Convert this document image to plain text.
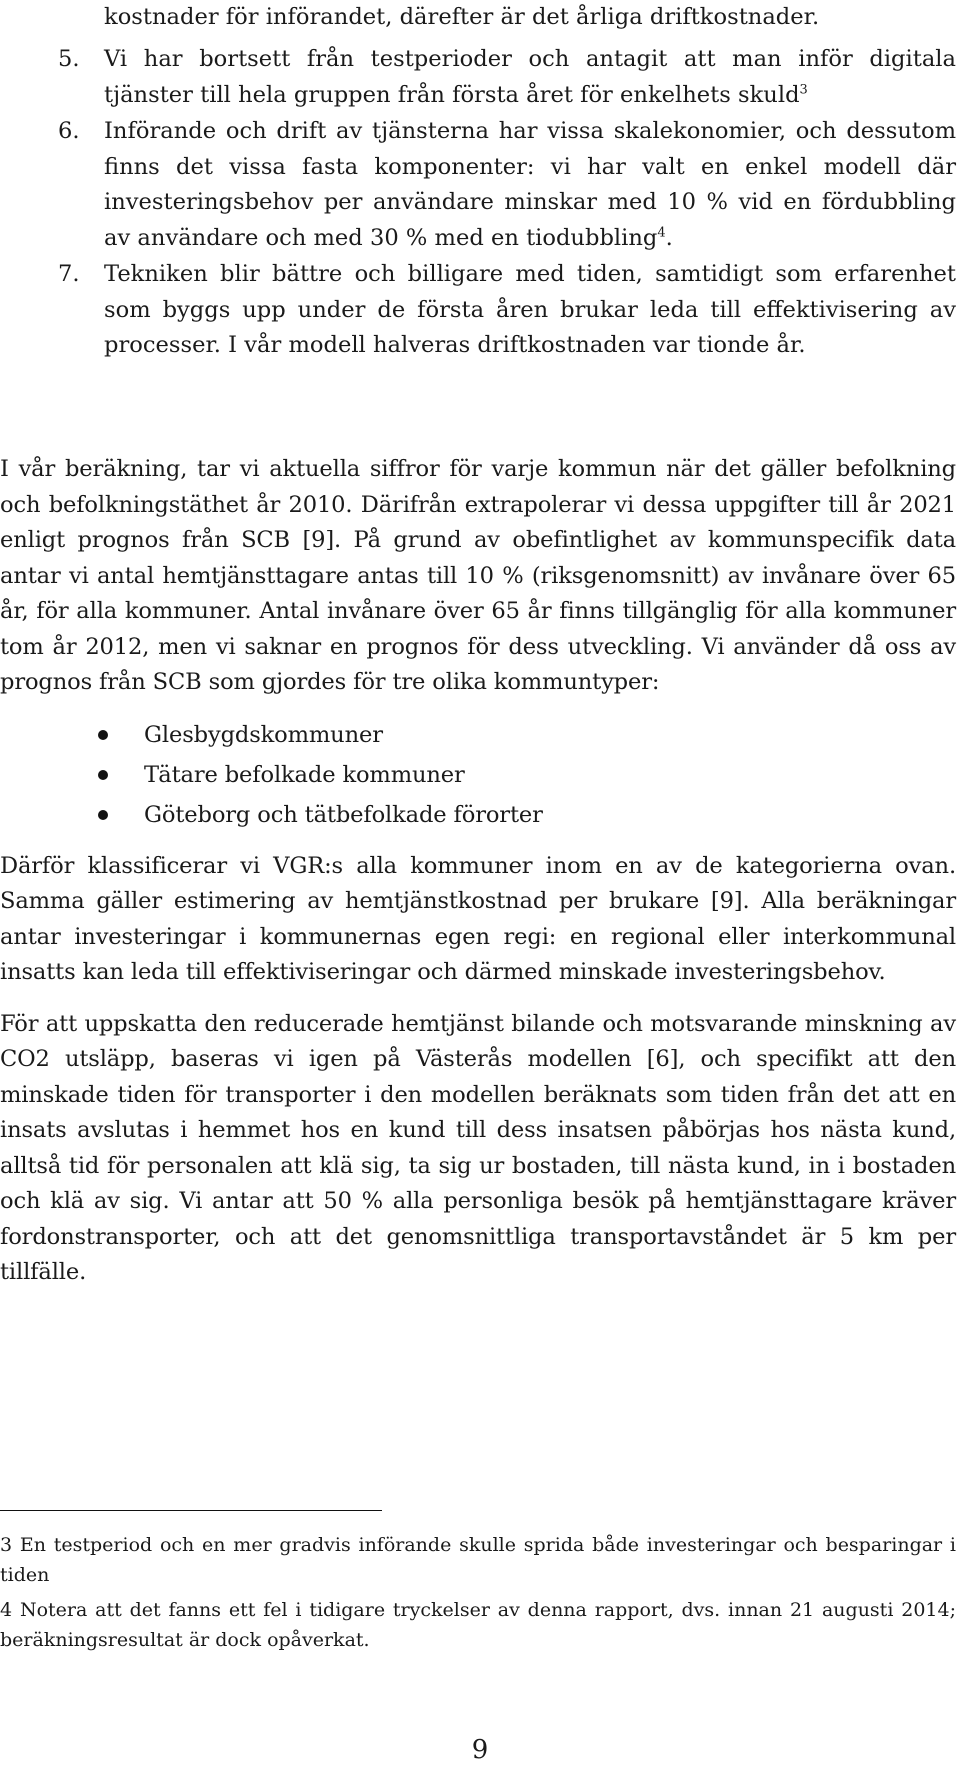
kostnader för införandet, därefter är det årliga driftkostnader.
5. Vi har bortsett från testperioder och antagit att man inför digitala tjänster till hela gruppen från första året för enkelhets skuld$^3$
6. Införande och drift av tjänsterna har vissa skalekonomier, och dessutom finns det vissa fasta komponenter: vi har valt en enkel modell där investeringsbehov per användare minskar med 10 % vid en fördubbling av användare och med 30 % med en tiodubbling$^4$.
7. Tekniken blir bättre och billigare med tiden, samtidigt som erfarenhet som byggs upp under de första åren brukar leda till effektivisering av processer. I vår modell halveras driftkostnaden var tionde år.

I vår beräkning, tar vi aktuella siffror för varje kommun när det gäller befolkning och befolkningstäthet år 2010. Därifrån extrapolerar vi dessa uppgifter till år 2021 enligt prognos från SCB [9]. På grund av obefintlighet av kommunspecifik data antar vi antal hemtjänsttagare antas till 10 % (riksgenomsnitt) av invånare över 65 år, för alla kommuner. Antal invånare över 65 år finns tillgänglig för alla kommuner tom år 2012, men vi saknar en prognos för dess utveckling. Vi använder då oss av prognos från SCB som gjordes för tre olika kommuntyper:

Glesbygdskommuner
Tätare befolkade kommuner
Göteborg och tätbefolkade förorter

Därför klassificerar vi VGR:s alla kommuner inom en av de kategorierna ovan. Samma gäller estimering av hemtjänstkostnad per brukare [9]. Alla beräkningar antar investeringar i kommunernas egen regi: en regional eller interkommunal insatts kan leda till effektiviseringar och därmed minskade investeringsbehov.

För att uppskatta den reducerade hemtjänst bilande och motsvarande minskning av CO2 utsläpp, baseras vi igen på Västerås modellen [6], och specifikt att den minskade tiden för transporter i den modellen beräknats som tiden från det att en insats avslutas i hemmet hos en kund till dess insatsen påbörjas hos nästa kund, alltså tid för personalen att klä sig, ta sig ur bostaden, till nästa kund, in i bostaden och klä av sig. Vi antar att 50 % alla personliga besök på hemtjänsttagare kräver fordonstransporter, och att det genomsnittliga transportavståndet är 5 km per tillfälle.

3 En testperiod och en mer gradvis införande skulle sprida både investeringar och besparingar i tiden

4 Notera att det fanns ett fel i tidigare tryckelser av denna rapport, dvs. innan 21 augusti 2014; beräkningsresultat är dock opåverkat.

9
